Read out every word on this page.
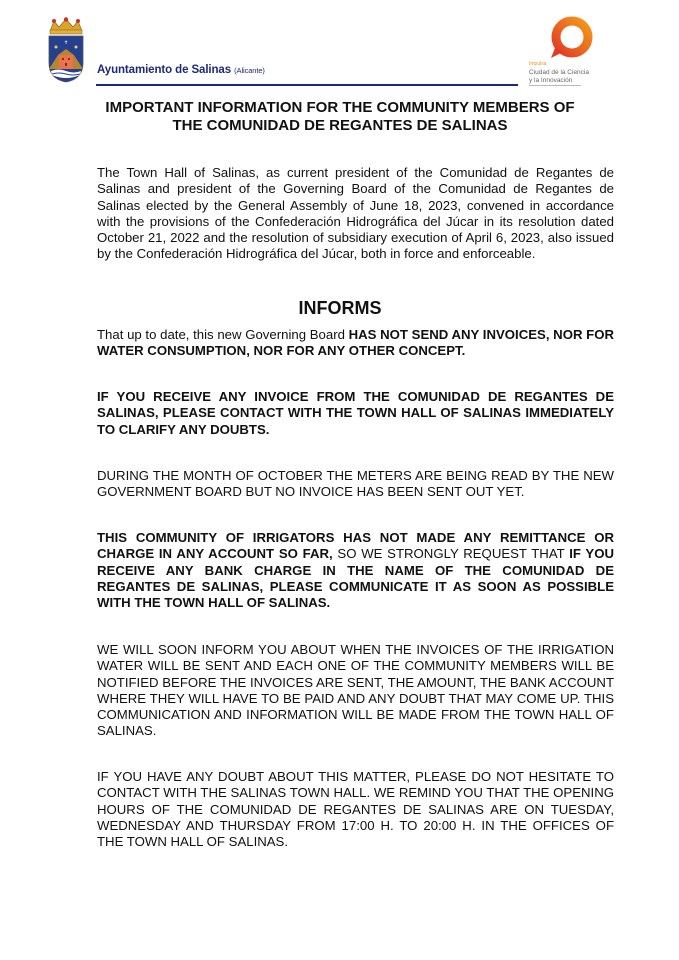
✝
Ayuntamiento de Salinas (Alicante)
Impulsa
Ciudad de la Ciencia
y la Innovación
IMPORTANT INFORMATION FOR THE COMMUNITY MEMBERS OF
THE COMUNIDAD DE REGANTES DE SALINAS
The Town Hall of Salinas, as current president of the Comunidad de Regantes de Salinas and president of the Governing Board of the Comunidad de Regantes de Salinas elected by the General Assembly of June 18, 2023, convened in accordance with the provisions of the Confederación Hidrográfica del Júcar in its resolution dated October 21, 2022 and the resolution of subsidiary execution of April 6, 2023, also issued by the Confederación Hidrográfica del Júcar, both in force and enforceable.
INFORMS
That up to date, this new Governing Board HAS NOT SEND ANY INVOICES, NOR FOR WATER CONSUMPTION, NOR FOR ANY OTHER CONCEPT.
IF YOU RECEIVE ANY INVOICE FROM THE COMUNIDAD DE REGANTES DE SALINAS, PLEASE CONTACT WITH THE TOWN HALL OF SALINAS IMMEDIATELY TO CLARIFY ANY DOUBTS.
DURING THE MONTH OF OCTOBER THE METERS ARE BEING READ BY THE NEW GOVERNMENT BOARD BUT NO INVOICE HAS BEEN SENT OUT YET.
THIS COMMUNITY OF IRRIGATORS HAS NOT MADE ANY REMITTANCE OR CHARGE IN ANY ACCOUNT SO FAR, SO WE STRONGLY REQUEST THAT IF YOU RECEIVE ANY BANK CHARGE IN THE NAME OF THE COMUNIDAD DE REGANTES DE SALINAS, PLEASE COMMUNICATE IT AS SOON AS POSSIBLE WITH THE TOWN HALL OF SALINAS.
WE WILL SOON INFORM YOU ABOUT WHEN THE INVOICES OF THE IRRIGATION WATER WILL BE SENT AND EACH ONE OF THE COMMUNITY MEMBERS WILL BE NOTIFIED BEFORE THE INVOICES ARE SENT, THE AMOUNT, THE BANK ACCOUNT WHERE THEY WILL HAVE TO BE PAID AND ANY DOUBT THAT MAY COME UP. THIS COMMUNICATION AND INFORMATION WILL BE MADE FROM THE TOWN HALL OF SALINAS.
IF YOU HAVE ANY DOUBT ABOUT THIS MATTER, PLEASE DO NOT HESITATE TO CONTACT WITH THE SALINAS TOWN HALL. WE REMIND YOU THAT THE OPENING HOURS OF THE COMUNIDAD DE REGANTES DE SALINAS ARE ON TUESDAY, WEDNESDAY AND THURSDAY FROM 17:00 H. TO 20:00 H. IN THE OFFICES OF THE TOWN HALL OF SALINAS.
